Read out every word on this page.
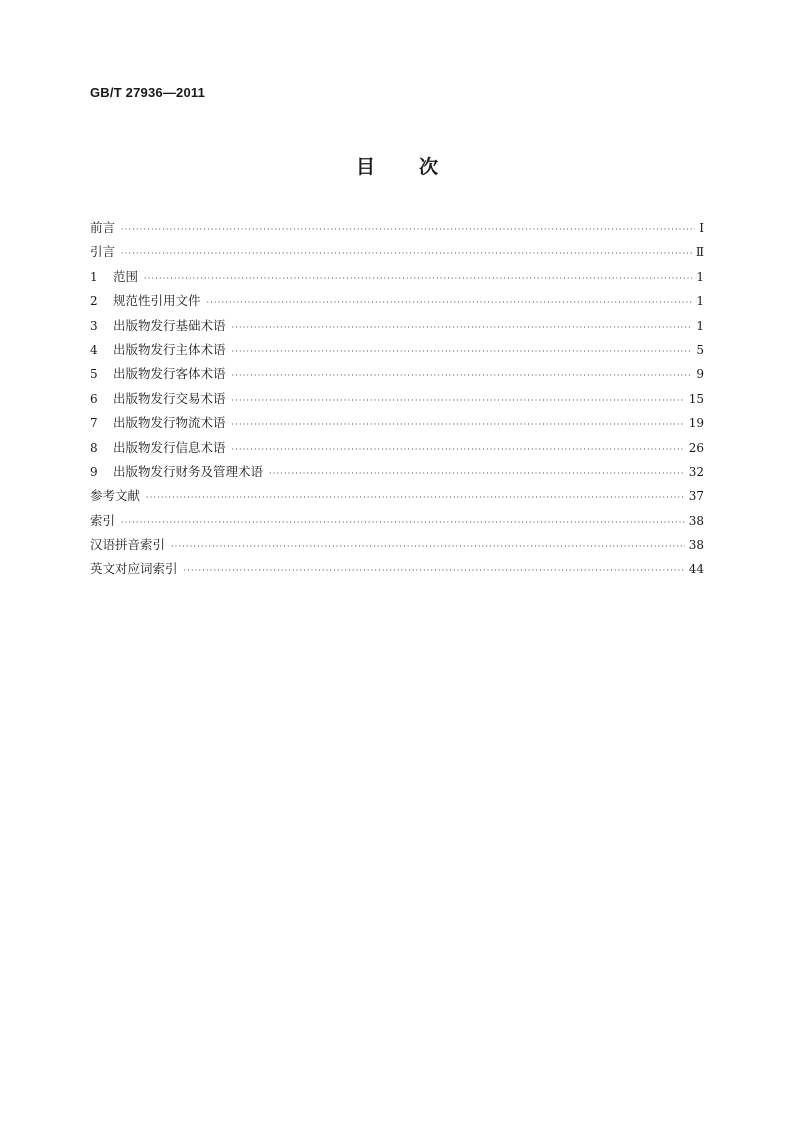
GB/T 27936—2011
目次
前言 ·····	Ⅰ
引言 ·····	Ⅱ
1	范围 ·····	1
2	规范性引用文件 ·····	1
3	出版物发行基础术语 ·····	1
4	出版物发行主体术语 ·····	5
5	出版物发行客体术语 ·····	9
6	出版物发行交易术语 ·····	15
7	出版物发行物流术语 ·····	19
8	出版物发行信息术语 ·····	26
9	出版物发行财务及管理术语 ·····	32
参考文献 ·····	37
索引 ·····	38
汉语拼音索引 ·····	38
英文对应词索引 ·····	44
